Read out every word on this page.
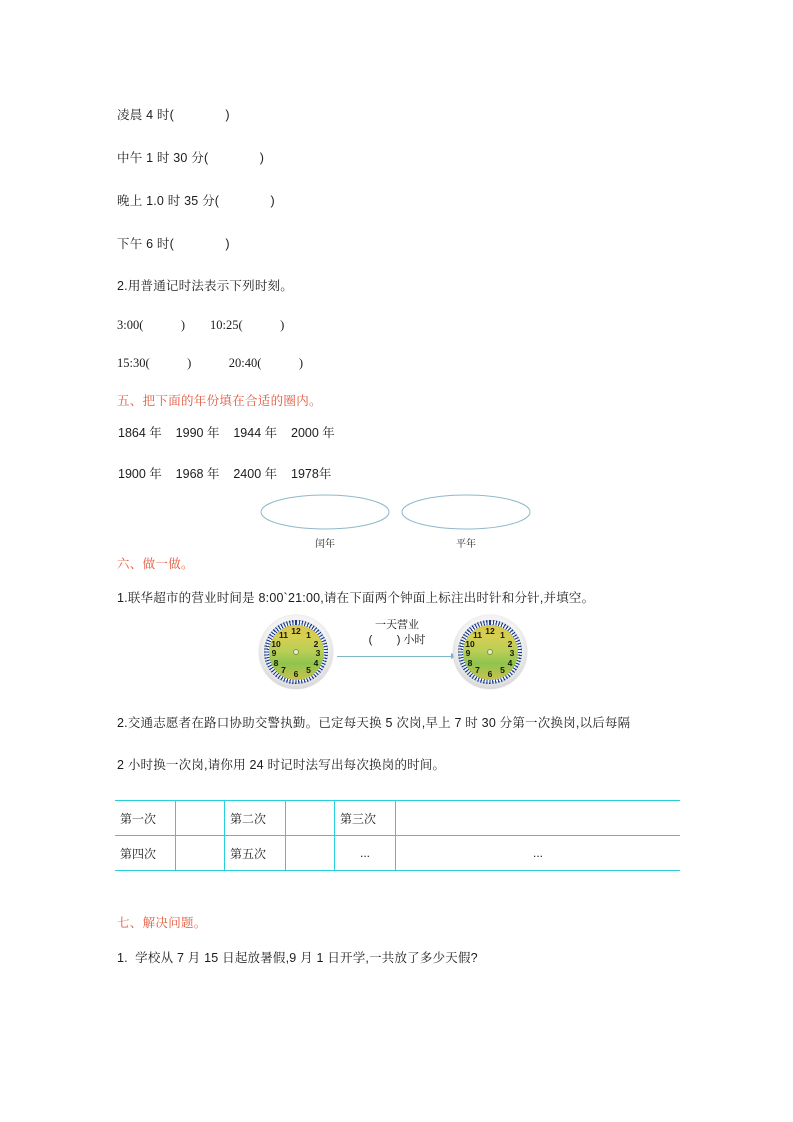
凌晨 4 时(              )
中午 1 时 30 分(              )
晚上 1.0 时 35 分(              )
下午 6 时(              )
2.用普通记时法表示下列时刻。
3:00(            )        10:25(            )
15:30(            )            20:40(            )
五、把下面的年份填在合适的圈内。
1864 年    1990 年    1944 年    2000 年
1900 年    1968 年    2400 年    1978年
闰年	平年
六、做一做。
1.联华超市的营业时间是 8:00`21:00,请在下面两个钟面上标注出时针和分针,并填空。
12 1
2
3
4
5
6
7
8
9
10
11
一天营业
(        ) 小时
12 1
2
3
4
5
6
7
8
9
10
11
2.交通志愿者在路口协助交警执勤。已定每天换 5 次岗,早上 7 时 30 分第一次换岗,以后每隔
2 小时换一次岗,请你用 24 时记时法写出每次换岗的时间。
第一次		第二次		第三次	
第四次		第五次		...	...
七、解决问题。
1.  学校从 7 月 15 日起放暑假,9 月 1 日开学,一共放了多少天假?
